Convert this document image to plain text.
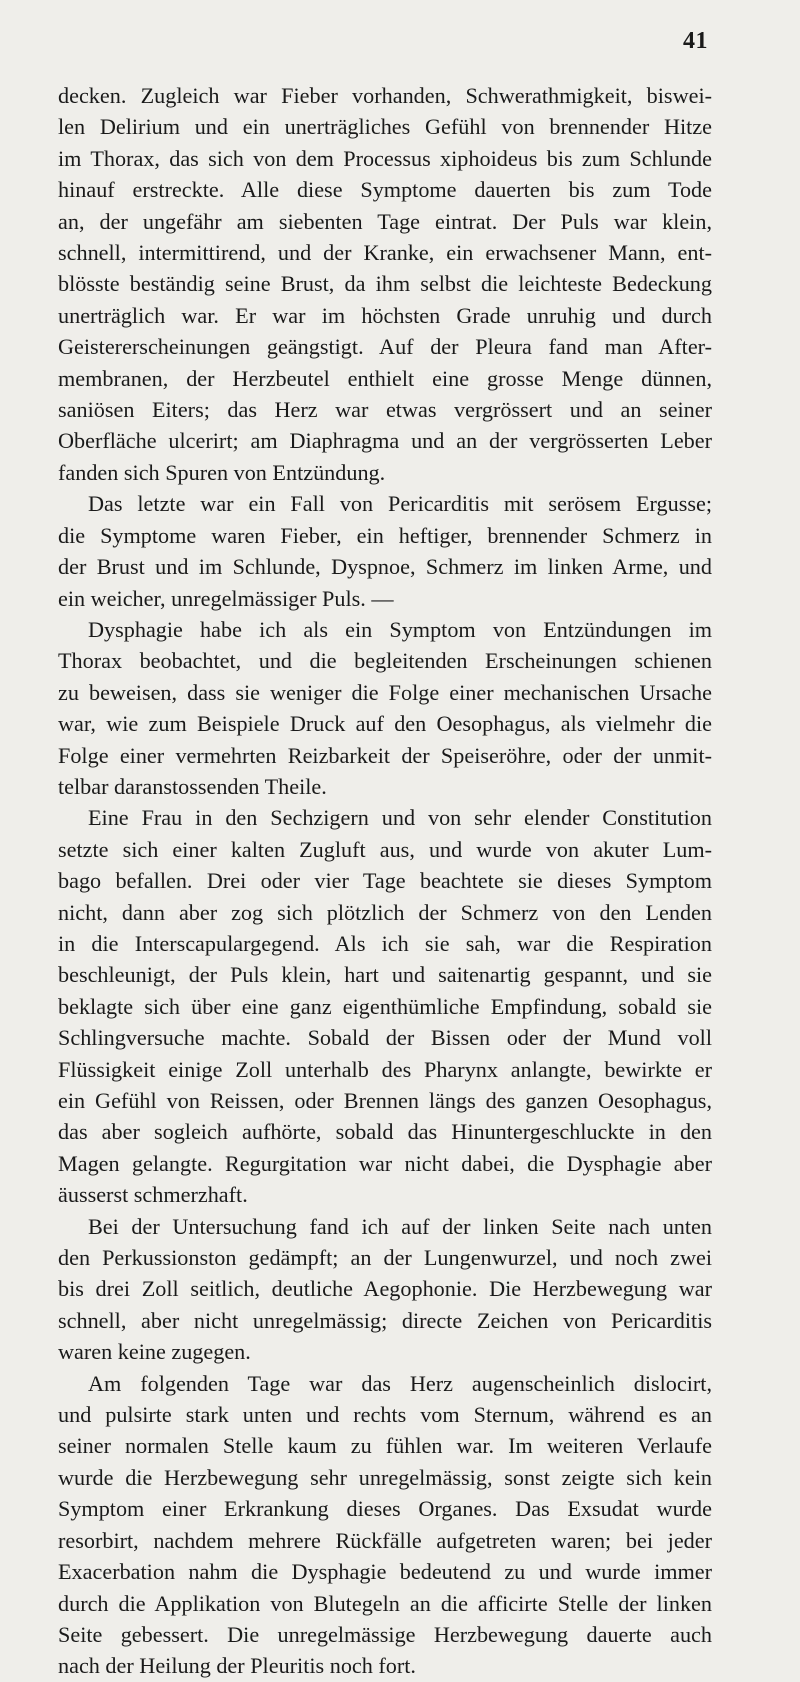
41
decken. Zugleich war Fieber vorhanden, Schwerathmigkeit, biswei-
len Delirium und ein unerträgliches Gefühl von brennender Hitze
im Thorax, das sich von dem Processus xiphoideus bis zum Schlunde
hinauf erstreckte. Alle diese Symptome dauerten bis zum Tode
an, der ungefähr am siebenten Tage eintrat. Der Puls war klein,
schnell, intermittirend, und der Kranke, ein erwachsener Mann, ent-
blösste beständig seine Brust, da ihm selbst die leichteste Bedeckung
unerträglich war. Er war im höchsten Grade unruhig und durch
Geistererscheinungen geängstigt. Auf der Pleura fand man After-
membranen, der Herzbeutel enthielt eine grosse Menge dünnen,
saniösen Eiters; das Herz war etwas vergrössert und an seiner
Oberfläche ulcerirt; am Diaphragma und an der vergrösserten Leber
fanden sich Spuren von Entzündung.
Das letzte war ein Fall von Pericarditis mit serösem Ergusse;
die Symptome waren Fieber, ein heftiger, brennender Schmerz in
der Brust und im Schlunde, Dyspnoe, Schmerz im linken Arme, und
ein weicher, unregelmässiger Puls. —
Dysphagie habe ich als ein Symptom von Entzündungen im
Thorax beobachtet, und die begleitenden Erscheinungen schienen
zu beweisen, dass sie weniger die Folge einer mechanischen Ursache
war, wie zum Beispiele Druck auf den Oesophagus, als vielmehr die
Folge einer vermehrten Reizbarkeit der Speiseröhre, oder der unmit-
telbar daranstossenden Theile.
Eine Frau in den Sechzigern und von sehr elender Constitution
setzte sich einer kalten Zugluft aus, und wurde von akuter Lum-
bago befallen. Drei oder vier Tage beachtete sie dieses Symptom
nicht, dann aber zog sich plötzlich der Schmerz von den Lenden
in die Interscapulargegend. Als ich sie sah, war die Respiration
beschleunigt, der Puls klein, hart und saitenartig gespannt, und sie
beklagte sich über eine ganz eigenthümliche Empfindung, sobald sie
Schlingversuche machte. Sobald der Bissen oder der Mund voll
Flüssigkeit einige Zoll unterhalb des Pharynx anlangte, bewirkte er
ein Gefühl von Reissen, oder Brennen längs des ganzen Oesophagus,
das aber sogleich aufhörte, sobald das Hinuntergeschluckte in den
Magen gelangte. Regurgitation war nicht dabei, die Dysphagie aber
äusserst schmerzhaft.
Bei der Untersuchung fand ich auf der linken Seite nach unten
den Perkussionston gedämpft; an der Lungenwurzel, und noch zwei
bis drei Zoll seitlich, deutliche Aegophonie. Die Herzbewegung war
schnell, aber nicht unregelmässig; directe Zeichen von Pericarditis
waren keine zugegen.
Am folgenden Tage war das Herz augenscheinlich dislocirt,
und pulsirte stark unten und rechts vom Sternum, während es an
seiner normalen Stelle kaum zu fühlen war. Im weiteren Verlaufe
wurde die Herzbewegung sehr unregelmässig, sonst zeigte sich kein
Symptom einer Erkrankung dieses Organes. Das Exsudat wurde
resorbirt, nachdem mehrere Rückfälle aufgetreten waren; bei jeder
Exacerbation nahm die Dysphagie bedeutend zu und wurde immer
durch die Applikation von Blutegeln an die afficirte Stelle der linken
Seite gebessert. Die unregelmässige Herzbewegung dauerte auch
nach der Heilung der Pleuritis noch fort.
